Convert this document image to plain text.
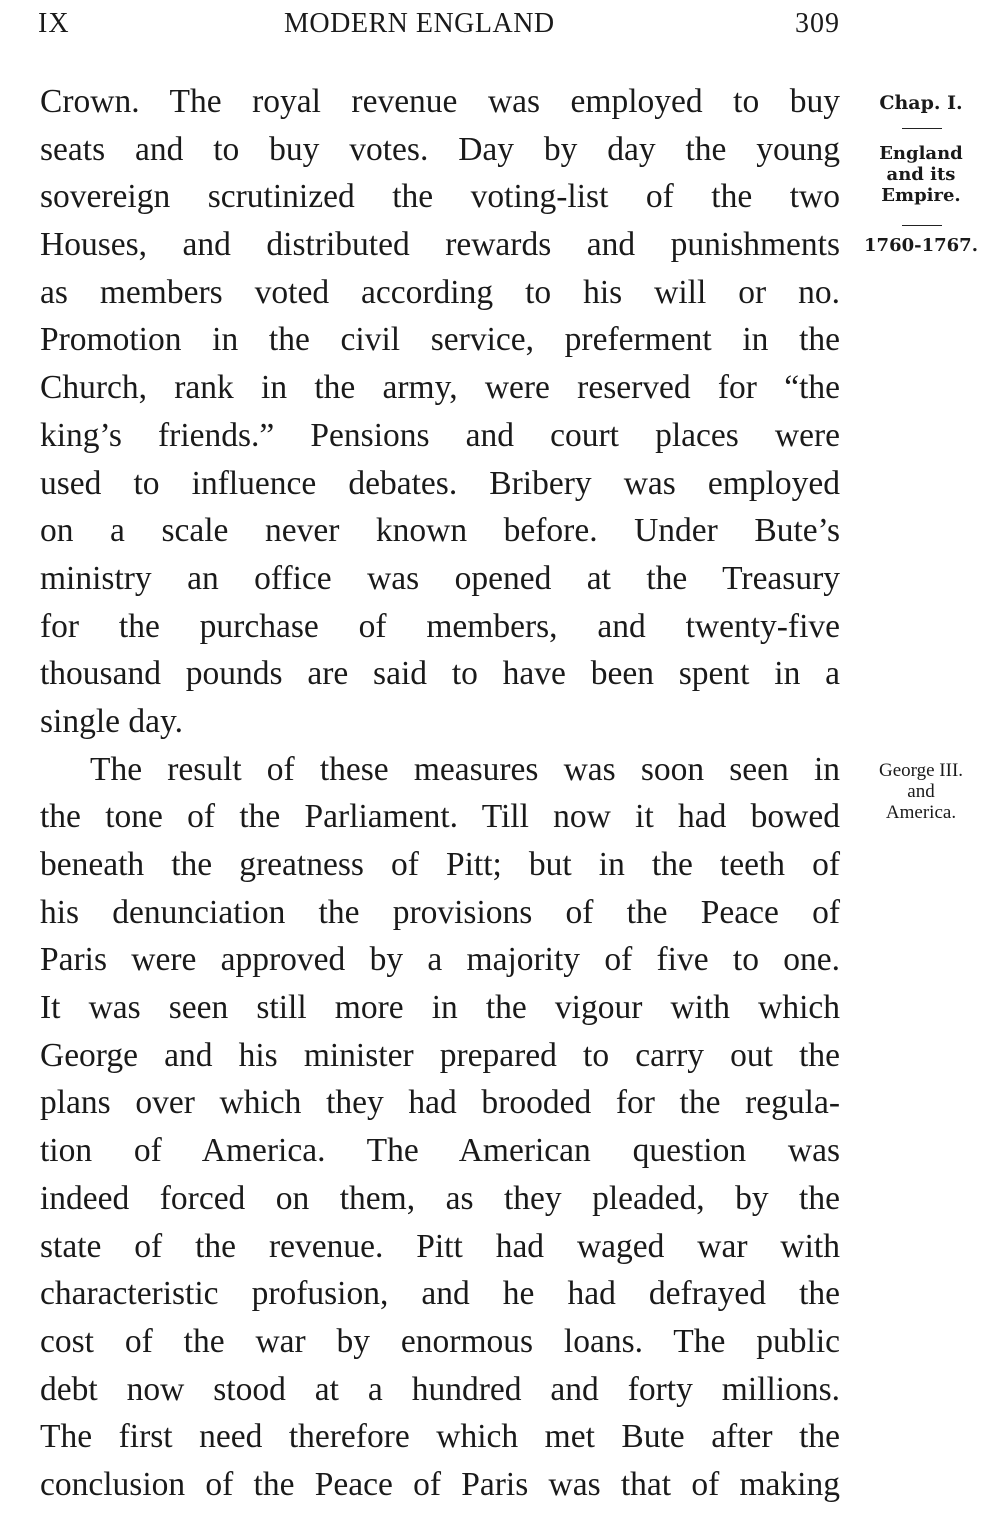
IX	MODERN ENGLAND	309
Crown. The royal revenue was employed to buy
seats and to buy votes. Day by day the young
sovereign scrutinized the voting-list of the two
Houses, and distributed rewards and punishments
as members voted according to his will or no.
Promotion in the civil service, preferment in the
Church, rank in the army, were reserved for “the
king’s friends.” Pensions and court places were
used to influence debates. Bribery was employed
on a scale never known before. Under Bute’s
ministry an office was opened at the Treasury
for the purchase of members, and twenty-five
thousand pounds are said to have been spent in a
single day.
The result of these measures was soon seen in
the tone of the Parliament. Till now it had bowed
beneath the greatness of Pitt; but in the teeth of
his denunciation the provisions of the Peace of
Paris were approved by a majority of five to one.
It was seen still more in the vigour with which
George and his minister prepared to carry out the
plans over which they had brooded for the regula-
tion of America. The American question was
indeed forced on them, as they pleaded, by the
state of the revenue. Pitt had waged war with
characteristic profusion, and he had defrayed the
cost of the war by enormous loans. The public
debt now stood at a hundred and forty millions.
The first need therefore which met Bute after the
conclusion of the Peace of Paris was that of making
Chap. I.
England
and its
Empire.
1760-1767.
George III.
and
America.
